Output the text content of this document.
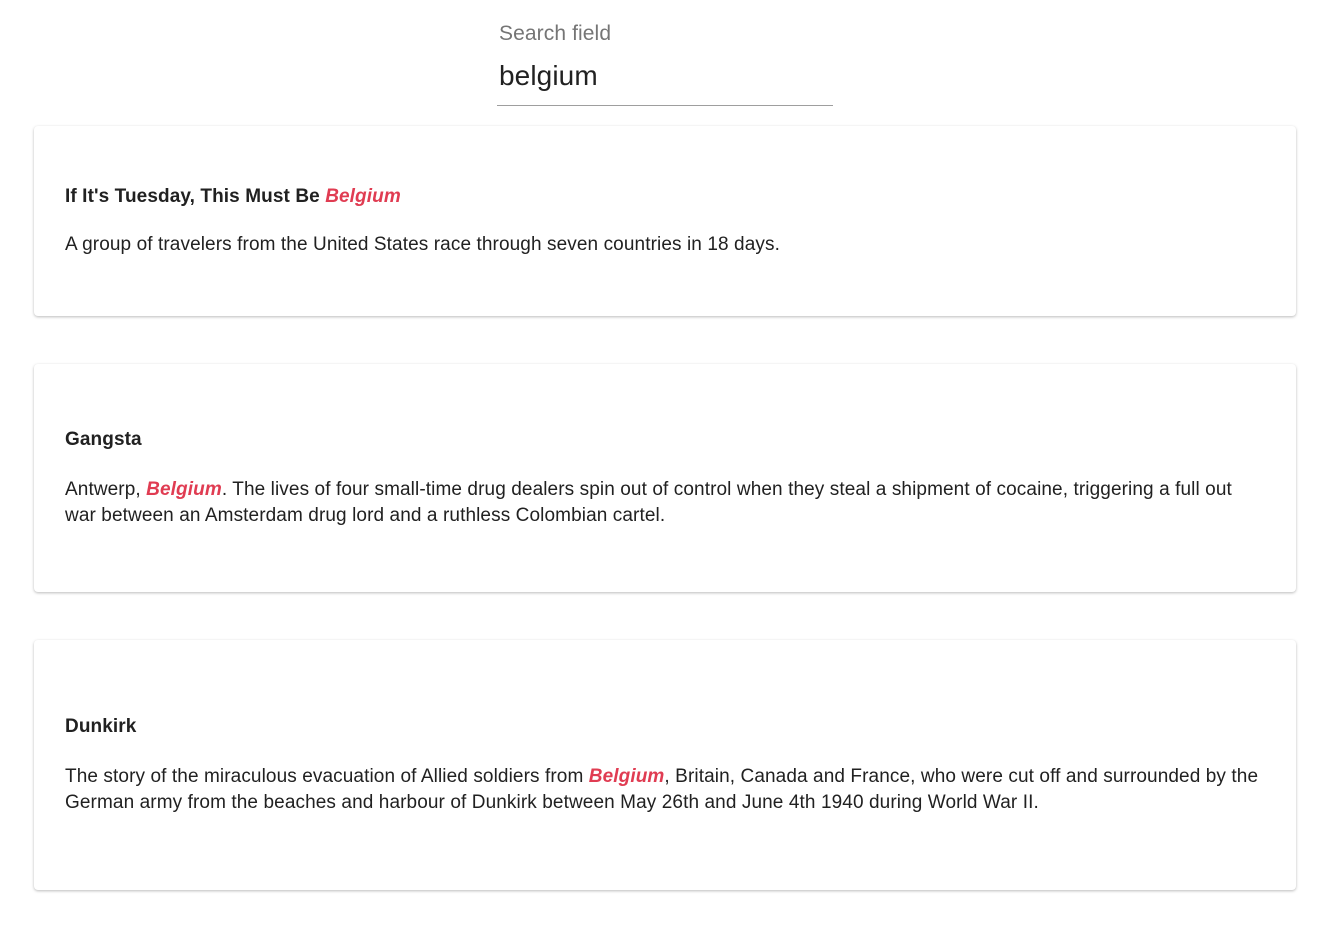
Search field
belgium
If It's Tuesday, This Must Be Belgium
A group of travelers from the United States race through seven countries in 18 days.
Gangsta
Antwerp, Belgium. The lives of four small-time drug dealers spin out of control when they steal a shipment of cocaine, triggering a full out war between an Amsterdam drug lord and a ruthless Colombian cartel.
Dunkirk
The story of the miraculous evacuation of Allied soldiers from Belgium, Britain, Canada and France, who were cut off and surrounded by the German army from the beaches and harbour of Dunkirk between May 26th and June 4th 1940 during World War II.
